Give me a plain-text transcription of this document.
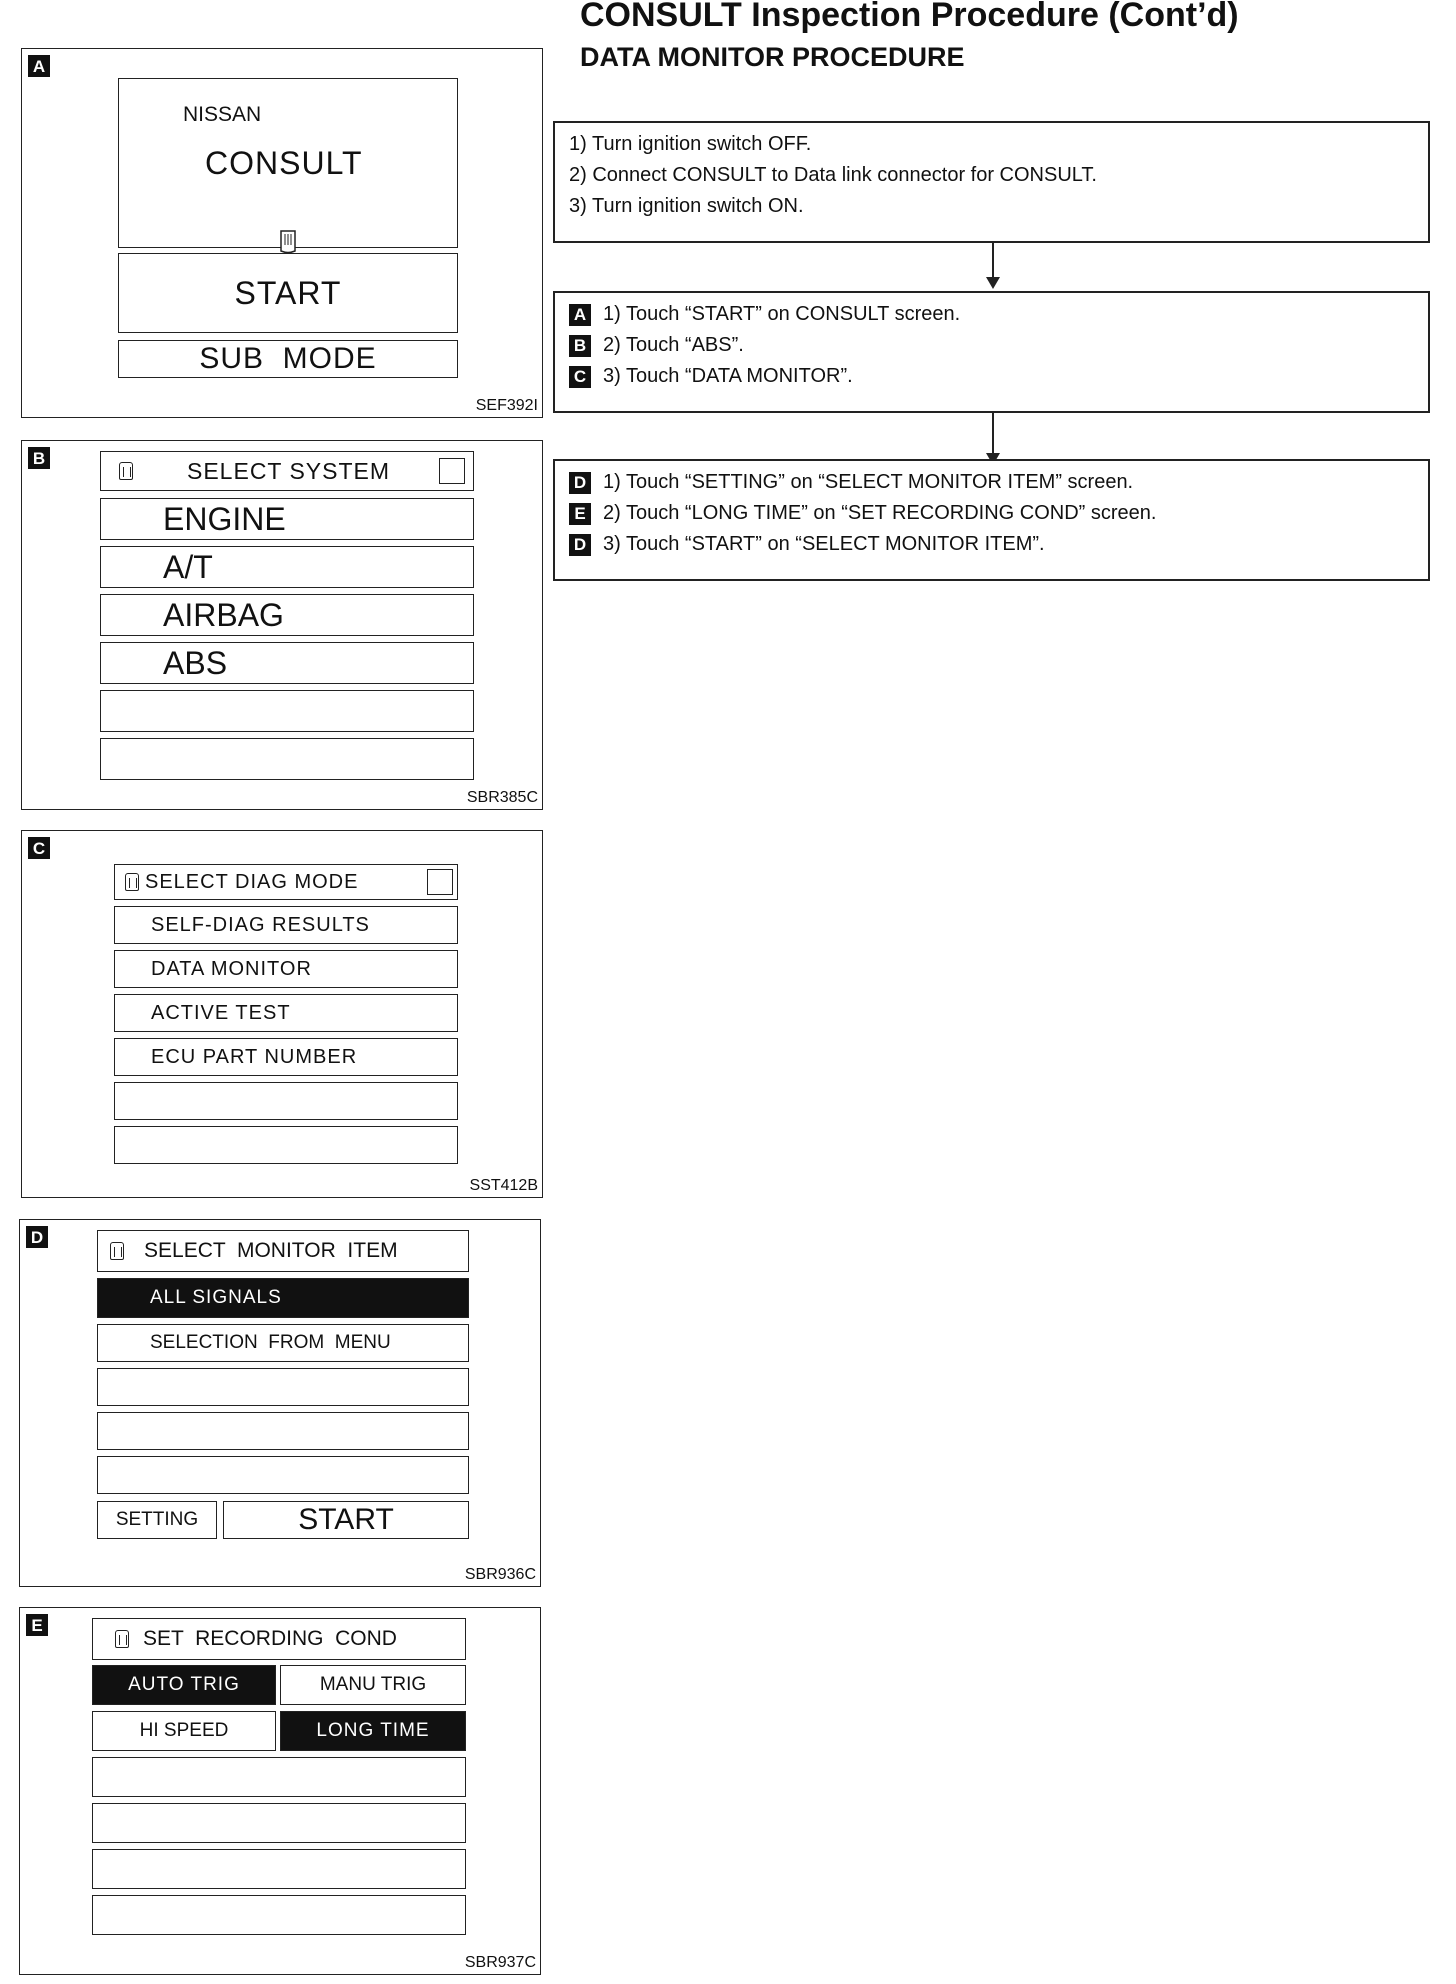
CONSULT Inspection Procedure (Cont’d)
DATA MONITOR PROCEDURE
A
NISSAN
CONSULT
START
SUB  MODE
SEF392I
B	SELECT SYSTEM
ENGINE
A/T
AIRBAG
ABS
SBR385C
C
SELECT DIAG MODE
SELF-DIAG RESULTS
DATA MONITOR
ACTIVE TEST
ECU PART NUMBER
SST412B
D
SELECT  MONITOR  ITEM
ALL SIGNALS
SELECTION  FROM  MENU
SETTING	START
SBR936C
E
SET  RECORDING  COND
AUTO TRIG	MANU TRIG
HI SPEED	LONG TIME
SBR937C
1) Turn ignition switch OFF.
2) Connect CONSULT to Data link connector for CONSULT.
3) Turn ignition switch ON.
A 1) Touch “START” on CONSULT screen.
B 2) Touch “ABS”.
C 3) Touch “DATA MONITOR”.
D 1) Touch “SETTING” on “SELECT MONITOR ITEM” screen.
E 2) Touch “LONG TIME” on “SET RECORDING COND” screen.
D 3) Touch “START” on “SELECT MONITOR ITEM”.
